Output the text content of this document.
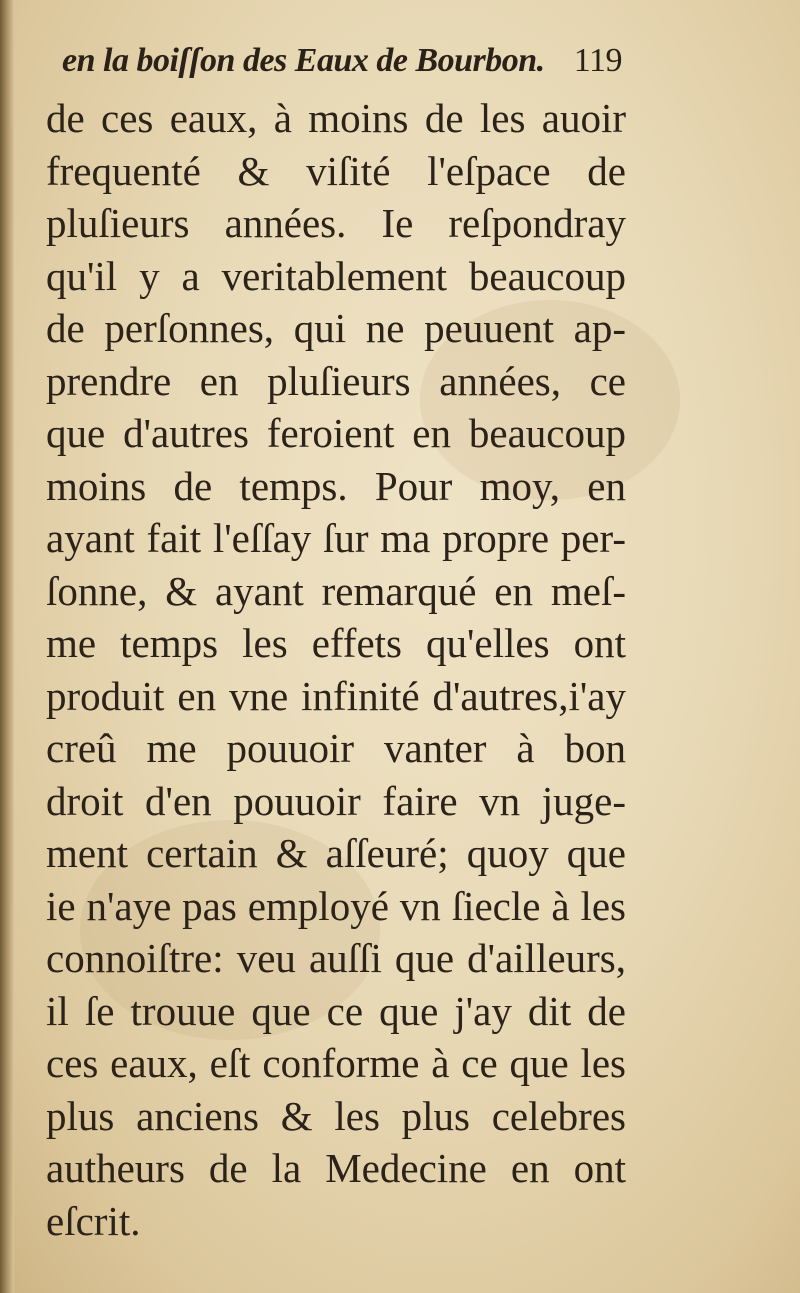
en la boiſſon des Eaux de Bourbon. 119
de ces eaux, à moins de les auoir
frequenté & viſité l'eſpace de
pluſieurs années. Ie reſpondray
qu'il y a veritablement beaucoup
de perſonnes, qui ne peuuent ap-
prendre en pluſieurs années, ce
que d'autres feroient en beaucoup
moins de temps. Pour moy, en
ayant fait l'eſſay ſur ma propre per-
ſonne, & ayant remarqué en meſ-
me temps les effets qu'elles ont
produit en vne infinité d'autres,i'ay
creû me pouuoir vanter à bon
droit d'en pouuoir faire vn juge-
ment certain & aſſeuré; quoy que
ie n'aye pas employé vn ſiecle à les
connoiſtre: veu auſſi que d'ailleurs,
il ſe trouue que ce que j'ay dit de
ces eaux, eſt conforme à ce que les
plus anciens & les plus celebres
autheurs de la Medecine en ont
eſcrit.
